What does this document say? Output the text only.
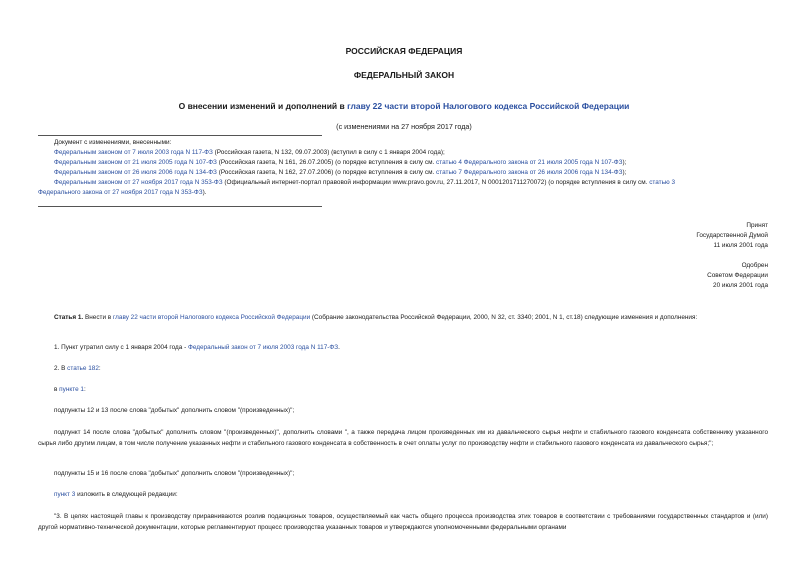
РОССИЙСКАЯ ФЕДЕРАЦИЯ
ФЕДЕРАЛЬНЫЙ ЗАКОН
О внесении изменений и дополнений в главу 22 части второй Налогового кодекса Российской Федерации
(с изменениями на 27 ноября 2017 года)
Документ с изменениями, внесенными:
Федеральным законом от 7 июля 2003 года N 117-ФЗ (Российская газета, N 132, 09.07.2003) (вступил в силу с 1 января 2004 года);
Федеральным законом от 21 июля 2005 года N 107-ФЗ (Российская газета, N 161, 26.07.2005) (о порядке вступления в силу см. статью 4 Федерального закона от 21 июля 2005 года N 107-ФЗ);
Федеральным законом от 26 июля 2006 года N 134-ФЗ (Российская газета, N 162, 27.07.2006) (о порядке вступления в силу см. статью 7 Федерального закона от 26 июля 2006 года N 134-ФЗ);
Федеральным законом от 27 ноября 2017 года N 353-ФЗ (Официальный интернет-портал правовой информации www.pravo.gov.ru, 27.11.2017, N 0001201711270072) (о порядке вступления в силу см. статью 3
Федерального закона от 27 ноября 2017 года N 353-ФЗ).
Принят
Государственной Думой
11 июля 2001 года
Одобрен
Советом Федерации
20 июля 2001 года
Статья 1. Внести в главу 22 части второй Налогового кодекса Российской Федерации (Собрание законодательства Российской Федерации, 2000, N 32, ст. 3340; 2001, N 1, ст.18) следующие изменения и дополнения:
1. Пункт утратил силу с 1 января 2004 года - Федеральный закон от 7 июля 2003 года N 117-ФЗ.
2. В статье 182:
в пункте 1:
подпункты 12 и 13 после слова "добытых" дополнить словом "(произведенных)";
подпункт 14 после слова "добытых" дополнить словом "(произведенных)", дополнить словами ", а также передача лицом произведенных им из давальческого сырья нефти и стабильного газового конденсата собственнику указанного сырья либо другим лицам, в том числе получение указанных нефти и стабильного газового конденсата в собственность в счет оплаты услуг по производству нефти и стабильного газового конденсата из давальческого сырья;";
подпункты 15 и 16 после слова "добытых" дополнить словом "(произведенных)";
пункт 3 изложить в следующей редакции:
"3. В целях настоящей главы к производству приравниваются розлив подакцизных товаров, осуществляемый как часть общего процесса производства этих товаров в соответствии с требованиями государственных стандартов и (или) другой нормативно-технической документации, которые регламентируют процесс производства указанных товаров и утверждаются уполномоченными федеральными органами
